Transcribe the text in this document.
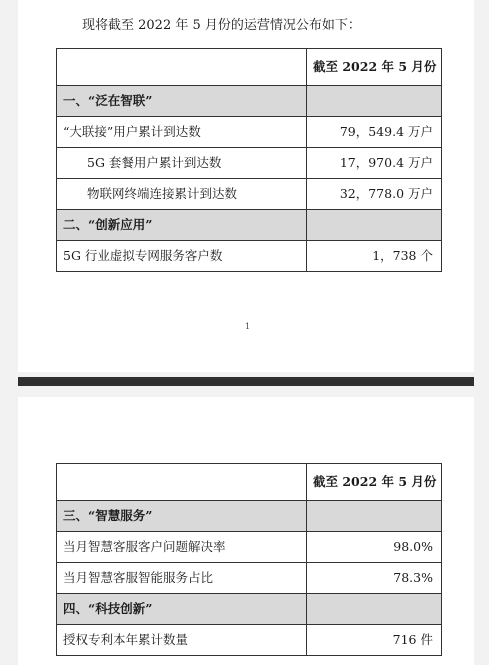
现将截至 2022 年 5 月份的运营情况公布如下：
	截至 2022 年 5 月份
一、“泛在智联”	
“大联接”用户累计到达数	79，549.4 万户
5G 套餐用户累计到达数	17，970.4 万户
物联网终端连接累计到达数	32，778.0 万户
二、“创新应用”	
5G 行业虚拟专网服务客户数	1，738 个
1
	截至 2022 年 5 月份
三、“智慧服务”	
当月智慧客服客户问题解决率	98.0%
当月智慧客服智能服务占比	78.3%
四、“科技创新”	
授权专利本年累计数量	716 件
